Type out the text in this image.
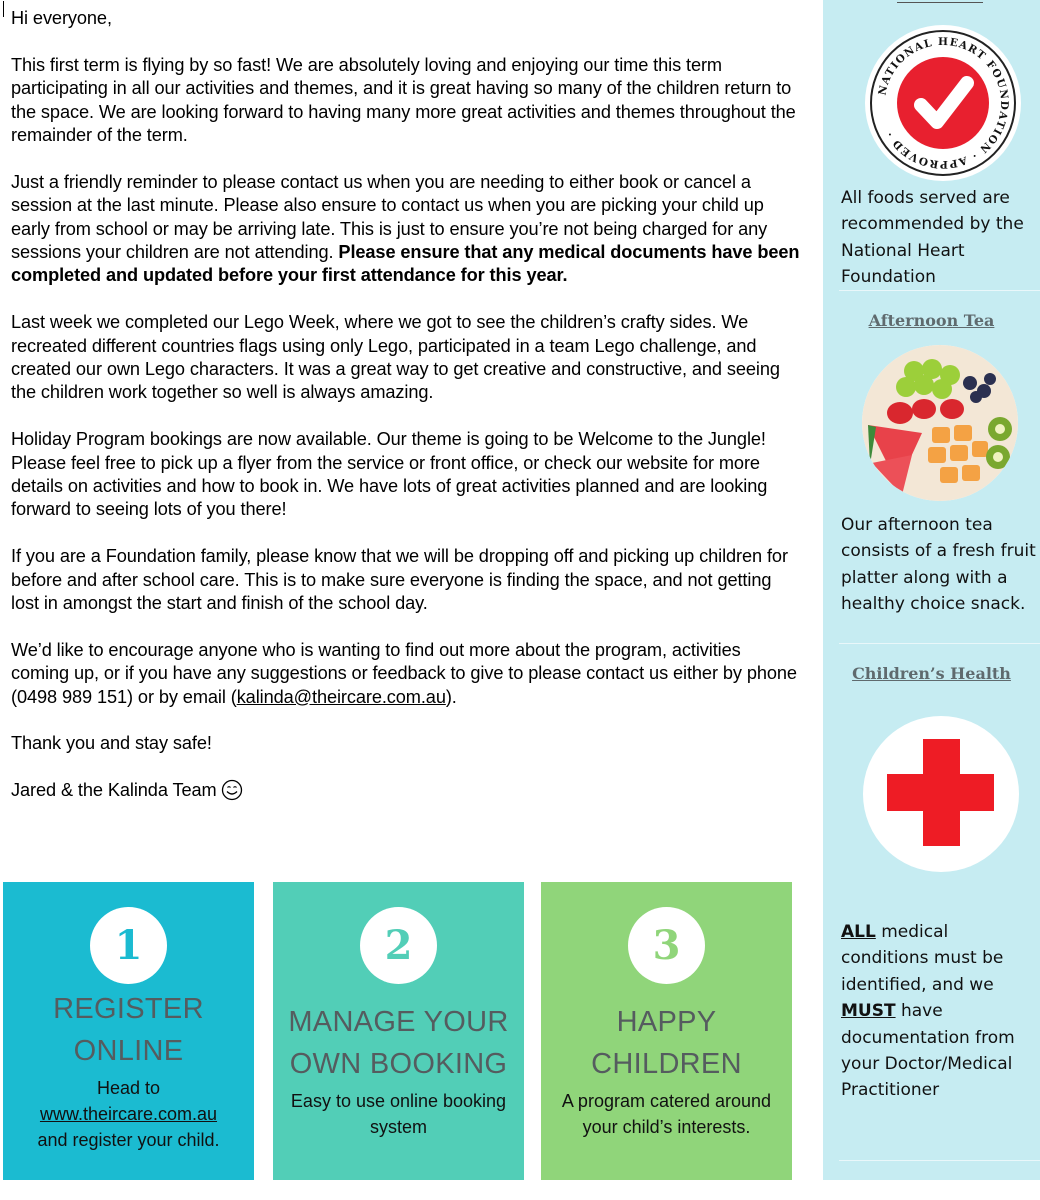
Hi everyone,

This first term is flying by so fast! We are absolutely loving and enjoying our time this term participating in all our activities and themes, and it is great having so many of the children return to the space. We are looking forward to having many more great activities and themes throughout the remainder of the term.

Just a friendly reminder to please contact us when you are needing to either book or cancel a session at the last minute. Please also ensure to contact us when you are picking your child up early from school or may be arriving late. This is just to ensure you’re not being charged for any sessions your children are not attending. Please ensure that any medical documents have been completed and updated before your first attendance for this year.

Last week we completed our Lego Week, where we got to see the children’s crafty sides. We recreated different countries flags using only Lego, participated in a team Lego challenge, and created our own Lego characters. It was a great way to get creative and constructive, and seeing the children work together so well is always amazing.

Holiday Program bookings are now available. Our theme is going to be Welcome to the Jungle! Please feel free to pick up a flyer from the service or front office, or check our website for more details on activities and how to book in. We have lots of great activities planned and are looking forward to seeing lots of you there!

If you are a Foundation family, please know that we will be dropping off and picking up children for before and after school care. This is to make sure everyone is finding the space, and not getting lost in amongst the start and finish of the school day.

We’d like to encourage anyone who is wanting to find out more about the program, activities coming up, or if you have any suggestions or feedback to give to please contact us either by phone (0498 989 151) or by email (kalinda@theircare.com.au).

Thank you and stay safe!

Jared & the Kalinda Team

1
REGISTER
ONLINE
Head to
www.theircare.com.au
and register your child.
2
MANAGE YOUR
OWN BOOKING
Easy to use online booking
system
3
HAPPY
CHILDREN
A program catered around
your child’s interests.
NATIONAL HEART FOUNDATION · APPROVED ·
All foods served are recommended by the National Heart Foundation
Afternoon Tea
Our afternoon tea consists of a fresh fruit platter along with a healthy choice snack.
Children’s Health
ALL medical conditions must be identified, and we MUST have documentation from your Doctor/Medical Practitioner
